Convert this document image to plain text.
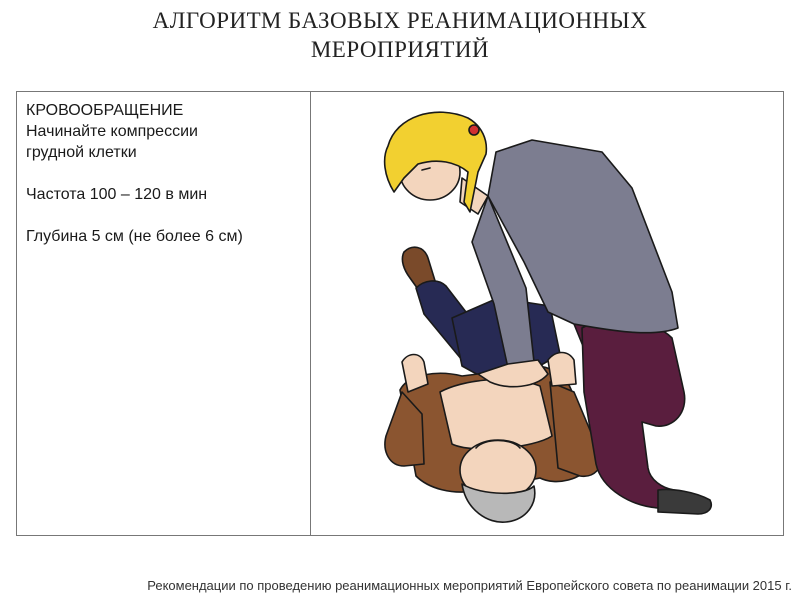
АЛГОРИТМ БАЗОВЫХ РЕАНИМАЦИОННЫХ
МЕРОПРИЯТИЙ
КРОВООБРАЩЕНИЕ
Начинайте компрессии
грудной клетки
Частота 100 – 120 в мин
Глубина 5 см (не более 6 см)
Рекомендации по проведению реанимационных мероприятий Европейского совета по реанимации 2015 г.
